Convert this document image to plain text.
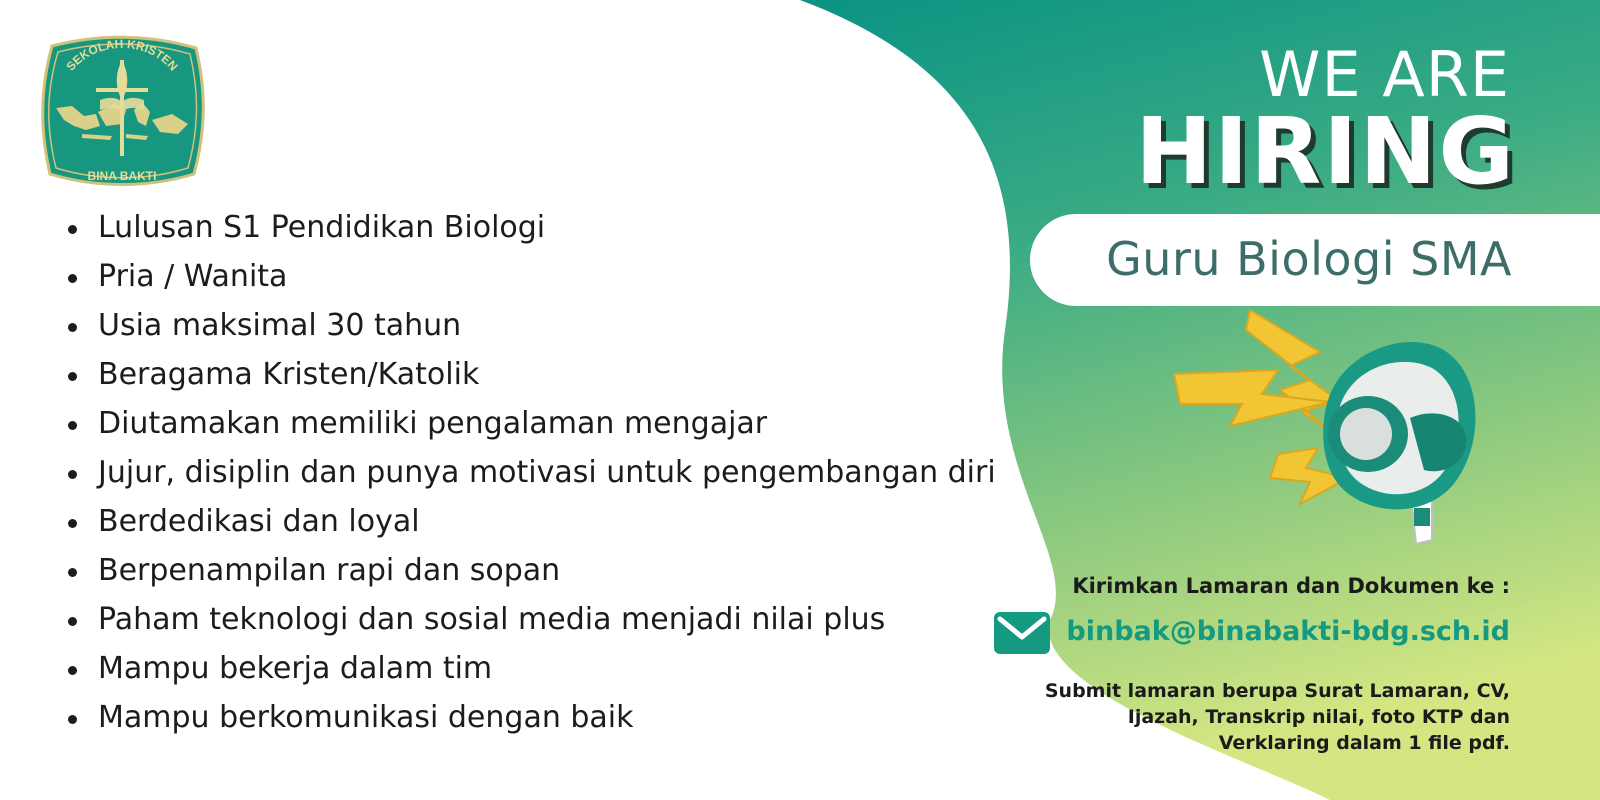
SEKOLAH KRISTEN
BINA BAKTI
Lulusan S1 Pendidikan Biologi
Pria / Wanita
Usia maksimal 30 tahun
Beragama Kristen/Katolik
Diutamakan memiliki pengalaman mengajar
Jujur, disiplin dan punya motivasi untuk pengembangan diri
Berdedikasi dan loyal
Berpenampilan rapi dan sopan
Paham teknologi dan sosial media menjadi nilai plus
Mampu bekerja dalam tim
Mampu berkomunikasi dengan baik
WE ARE
HIRING
Guru Biologi SMA
Kirimkan Lamaran dan Dokumen ke :
binbak@binabakti-bdg.sch.id
Submit lamaran berupa Surat Lamaran, CV, Ijazah, Transkrip nilai, foto KTP dan Verklaring dalam 1 file pdf.
